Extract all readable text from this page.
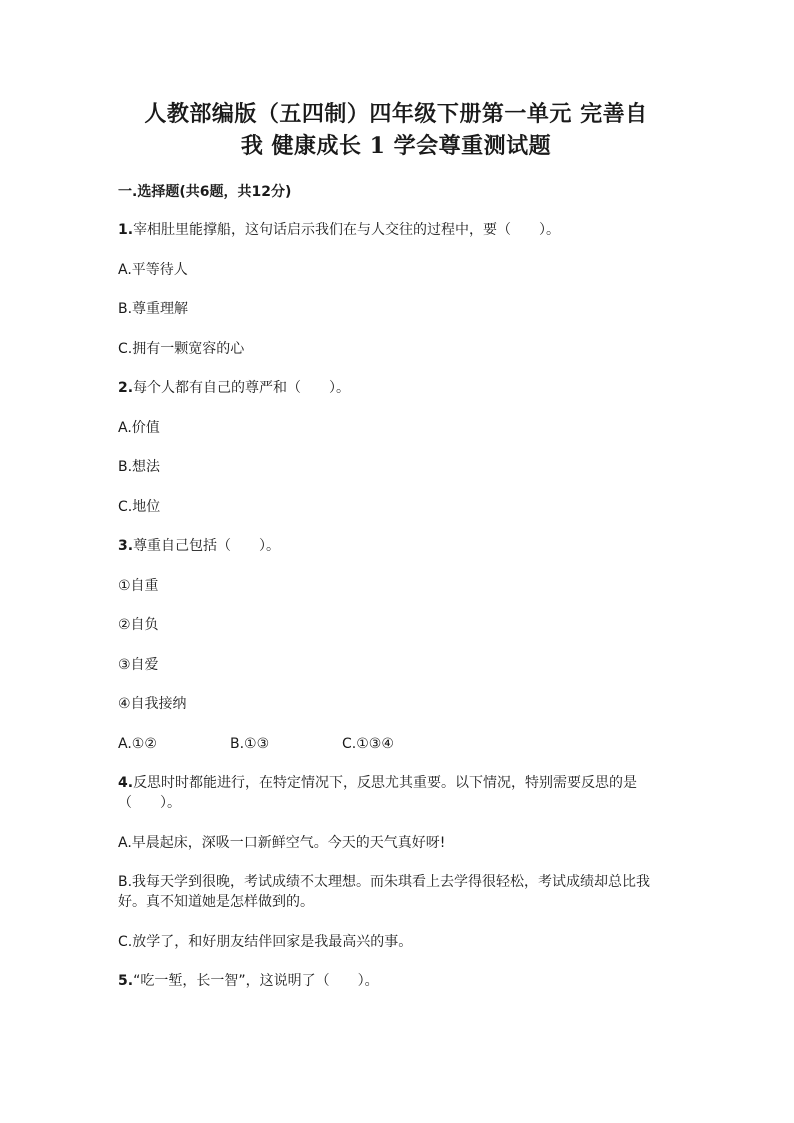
人教部编版（五四制）四年级下册第一单元 完善自
我 健康成长 1 学会尊重测试题
一.选择题(共6题，共12分)
1.宰相肚里能撑船，这句话启示我们在与人交往的过程中，要（　　）。
A.平等待人
B.尊重理解
C.拥有一颗宽容的心
2.每个人都有自己的尊严和（　　）。
A.价值
B.想法
C.地位
3.尊重自己包括（　　）。
①自重
②自负
③自爱
④自我接纳
A.①②	B.①③	C.①③④
4.反思时时都能进行，在特定情况下，反思尤其重要。以下情况，特别需要反思的是（　　）。
A.早晨起床，深吸一口新鲜空气。今天的天气真好呀!
B.我每天学到很晚，考试成绩不太理想。而朱琪看上去学得很轻松，考试成绩却总比我好。真不知道她是怎样做到的。
C.放学了，和好朋友结伴回家是我最高兴的事。
5.“吃一堑，长一智”，这说明了（　　）。
